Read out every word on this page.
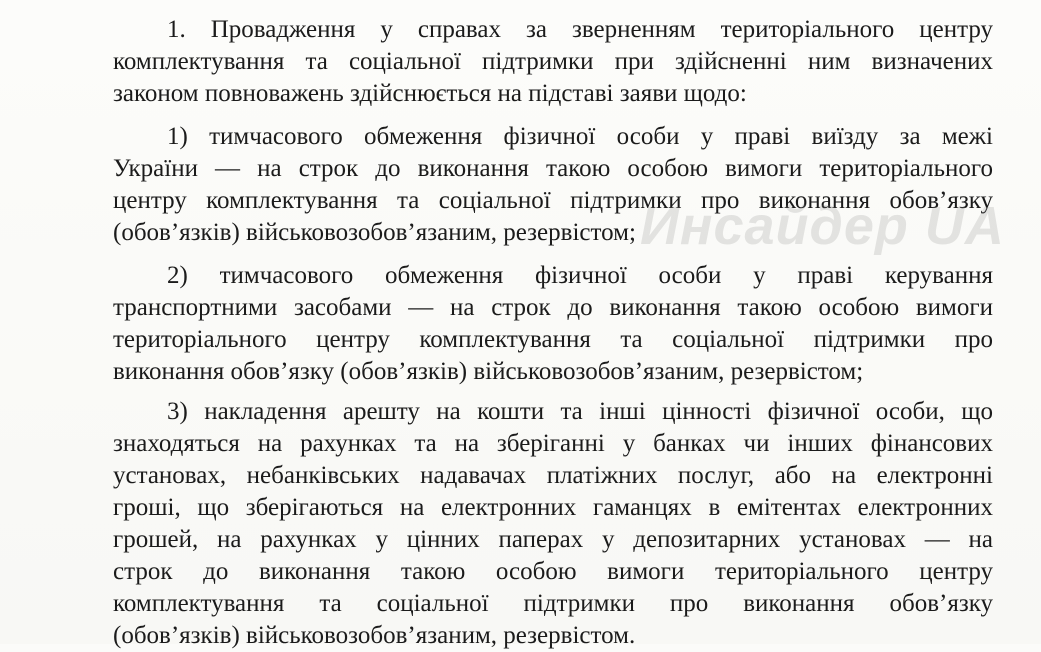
1. Провадження у справах за зверненням територіального центру
комплектування та соціальної підтримки при здійсненні ним визначених
законом повноважень здійснюється на підставі заяви щодо:
1) тимчасового обмеження фізичної особи у праві виїзду за межі
України — на строк до виконання такою особою вимоги територіального
центру комплектування та соціальної підтримки про виконання обов’язку
(обов’язків) військовозобов’язаним, резервістом;
2) тимчасового обмеження фізичної особи у праві керування
транспортними засобами — на строк до виконання такою особою вимоги
територіального центру комплектування та соціальної підтримки про
виконання обов’язку (обов’язків) військовозобов’язаним, резервістом;
3) накладення арешту на кошти та інші цінності фізичної особи, що
знаходяться на рахунках та на зберіганні у банках чи інших фінансових
установах, небанківських надавачах платіжних послуг, або на електронні
гроші, що зберігаються на електронних гаманцях в емітентах електронних
грошей, на рахунках у цінних паперах у депозитарних установах — на
строк до виконання такою особою вимоги територіального центру
комплектування та соціальної підтримки про виконання обов’язку
(обов’язків) військовозобов’язаним, резервістом.
Инсайдер UA
